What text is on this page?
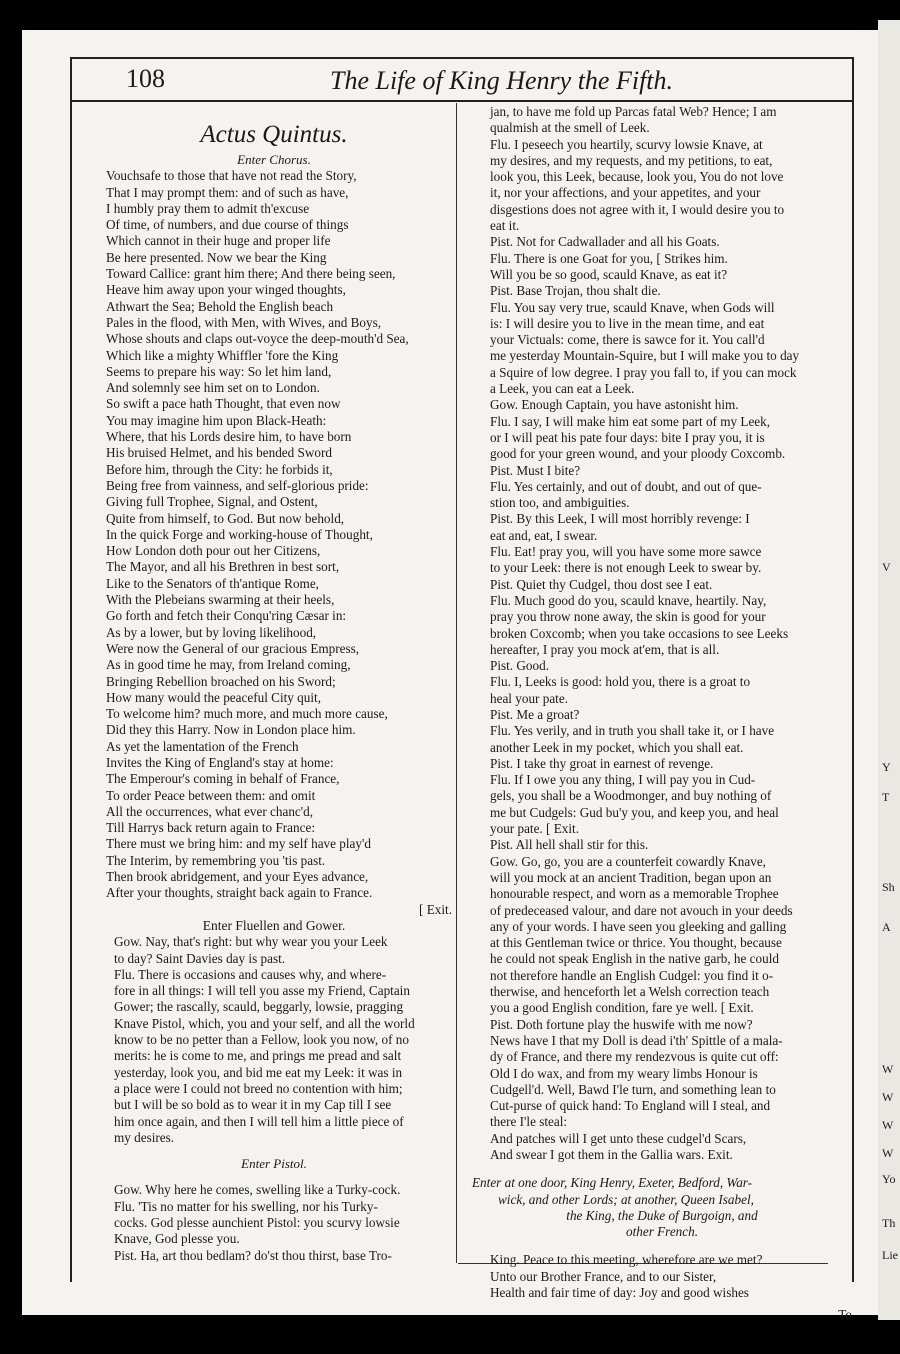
V
Y
T
Sh
A
W
W
W
W
Yo
Th
Lie
108	The Life of King Henry the Fifth.

Actus Quintus.

Enter Chorus.

Vouchsafe to those that have not read the Story,

That I may prompt them: and of such as have,

I humbly pray them to admit th'excuse

Of time, of numbers, and due course of things

Which cannot in their huge and proper life

Be here presented. Now we bear the King

Toward Callice: grant him there; And there being seen,

Heave him away upon your winged thoughts,

Athwart the Sea; Behold the English beach

Pales in the flood, with Men, with Wives, and Boys,

Whose shouts and claps out-voyce the deep-mouth'd Sea,

Which like a mighty Whiffler 'fore the King

Seems to prepare his way: So let him land,

And solemnly see him set on to London.

So swift a pace hath Thought, that even now

You may imagine him upon Black-Heath:

Where, that his Lords desire him, to have born

His bruised Helmet, and his bended Sword

Before him, through the City: he forbids it,

Being free from vainness, and self-glorious pride:

Giving full Trophee, Signal, and Ostent,

Quite from himself, to God. But now behold,

In the quick Forge and working-house of Thought,

How London doth pour out her Citizens,

The Mayor, and all his Brethren in best sort,

Like to the Senators of th'antique Rome,

With the Plebeians swarming at their heels,

Go forth and fetch their Conqu'ring Cæsar in:

As by a lower, but by loving likelihood,

Were now the General of our gracious Empress,

As in good time he may, from Ireland coming,

Bringing Rebellion broached on his Sword;

How many would the peaceful City quit,

To welcome him? much more, and much more cause,

Did they this Harry. Now in London place him.

As yet the lamentation of the French

Invites the King of England's stay at home:

The Emperour's coming in behalf of France,

To order Peace between them: and omit

All the occurrences, what ever chanc'd,

Till Harrys back return again to France:

There must we bring him: and my self have play'd

The Interim, by remembring you 'tis past.

Then brook abridgement, and your Eyes advance,

After your thoughts, straight back again to France.

[ Exit.

Enter Fluellen and Gower.

Gow. Nay, that's right: but why wear you your Leek

to day? Saint Davies day is past.

Flu. There is occasions and causes why, and where-

fore in all things: I will tell you asse my Friend, Captain

Gower; the rascally, scauld, beggarly, lowsie, pragging

Knave Pistol, which, you and your self, and all the world

know to be no petter than a Fellow, look you now, of no

merits: he is come to me, and prings me pread and salt

yesterday, look you, and bid me eat my Leek: it was in

a place were I could not breed no contention with him;

but I will be so bold as to wear it in my Cap till I see

him once again, and then I will tell him a little piece of

my desires.

Enter Pistol.

Gow. Why here he comes, swelling like a Turky-cock.

Flu. 'Tis no matter for his swelling, nor his Turky-

cocks. God plesse aunchient Pistol: you scurvy lowsie

Knave, God plesse you.

Pist. Ha, art thou bedlam? do'st thou thirst, base Tro-

jan, to have me fold up Parcas fatal Web? Hence; I am

qualmish at the smell of Leek.

Flu. I peseech you heartily, scurvy lowsie Knave, at

my desires, and my requests, and my petitions, to eat,

look you, this Leek, because, look you, You do not love

it, nor your affections, and your appetites, and your

disgestions does not agree with it, I would desire you to

eat it.

Pist. Not for Cadwallader and all his Goats.

Flu. There is one Goat for you, [ Strikes him.

Will you be so good, scauld Knave, as eat it?

Pist. Base Trojan, thou shalt die.

Flu. You say very true, scauld Knave, when Gods will

is: I will desire you to live in the mean time, and eat

your Victuals: come, there is sawce for it. You call'd

me yesterday Mountain-Squire, but I will make you to day

a Squire of low degree. I pray you fall to, if you can mock

a Leek, you can eat a Leek.

Gow. Enough Captain, you have astonisht him.

Flu. I say, I will make him eat some part of my Leek,

or I will peat his pate four days: bite I pray you, it is

good for your green wound, and your ploody Coxcomb.

Pist. Must I bite?

Flu. Yes certainly, and out of doubt, and out of que-

stion too, and ambiguities.

Pist. By this Leek, I will most horribly revenge: I

eat and, eat, I swear.

Flu. Eat! pray you, will you have some more sawce

to your Leek: there is not enough Leek to swear by.

Pist. Quiet thy Cudgel, thou dost see I eat.

Flu. Much good do you, scauld knave, heartily. Nay,

pray you throw none away, the skin is good for your

broken Coxcomb; when you take occasions to see Leeks

hereafter, I pray you mock at'em, that is all.

Pist. Good.

Flu. I, Leeks is good: hold you, there is a groat to

heal your pate.

Pist. Me a groat?

Flu. Yes verily, and in truth you shall take it, or I have

another Leek in my pocket, which you shall eat.

Pist. I take thy groat in earnest of revenge.

Flu. If I owe you any thing, I will pay you in Cud-

gels, you shall be a Woodmonger, and buy nothing of

me but Cudgels: Gud bu'y you, and keep you, and heal

your pate. [ Exit.

Pist. All hell shall stir for this.

Gow. Go, go, you are a counterfeit cowardly Knave,

will you mock at an ancient Tradition, began upon an

honourable respect, and worn as a memorable Trophee

of predeceased valour, and dare not avouch in your deeds

any of your words. I have seen you gleeking and galling

at this Gentleman twice or thrice. You thought, because

he could not speak English in the native garb, he could

not therefore handle an English Cudgel: you find it o-

therwise, and henceforth let a Welsh correction teach

you a good English condition, fare ye well. [ Exit.

Pist. Doth fortune play the huswife with me now?

News have I that my Doll is dead i'th' Spittle of a mala-

dy of France, and there my rendezvous is quite cut off:

Old I do wax, and from my weary limbs Honour is

Cudgell'd. Well, Bawd I'le turn, and something lean to

Cut-purse of quick hand: To England will I steal, and

there I'le steal:

And patches will I get unto these cudgel'd Scars,

And swear I got them in the Gallia wars. Exit.

Enter at one door, King Henry, Exeter, Bedford, War-

wick, and other Lords; at another, Queen Isabel,

the King, the Duke of Burgoign, and

other French.

King. Peace to this meeting, wherefore are we met?

Unto our Brother France, and to our Sister,

Health and fair time of day: Joy and good wishes

To
